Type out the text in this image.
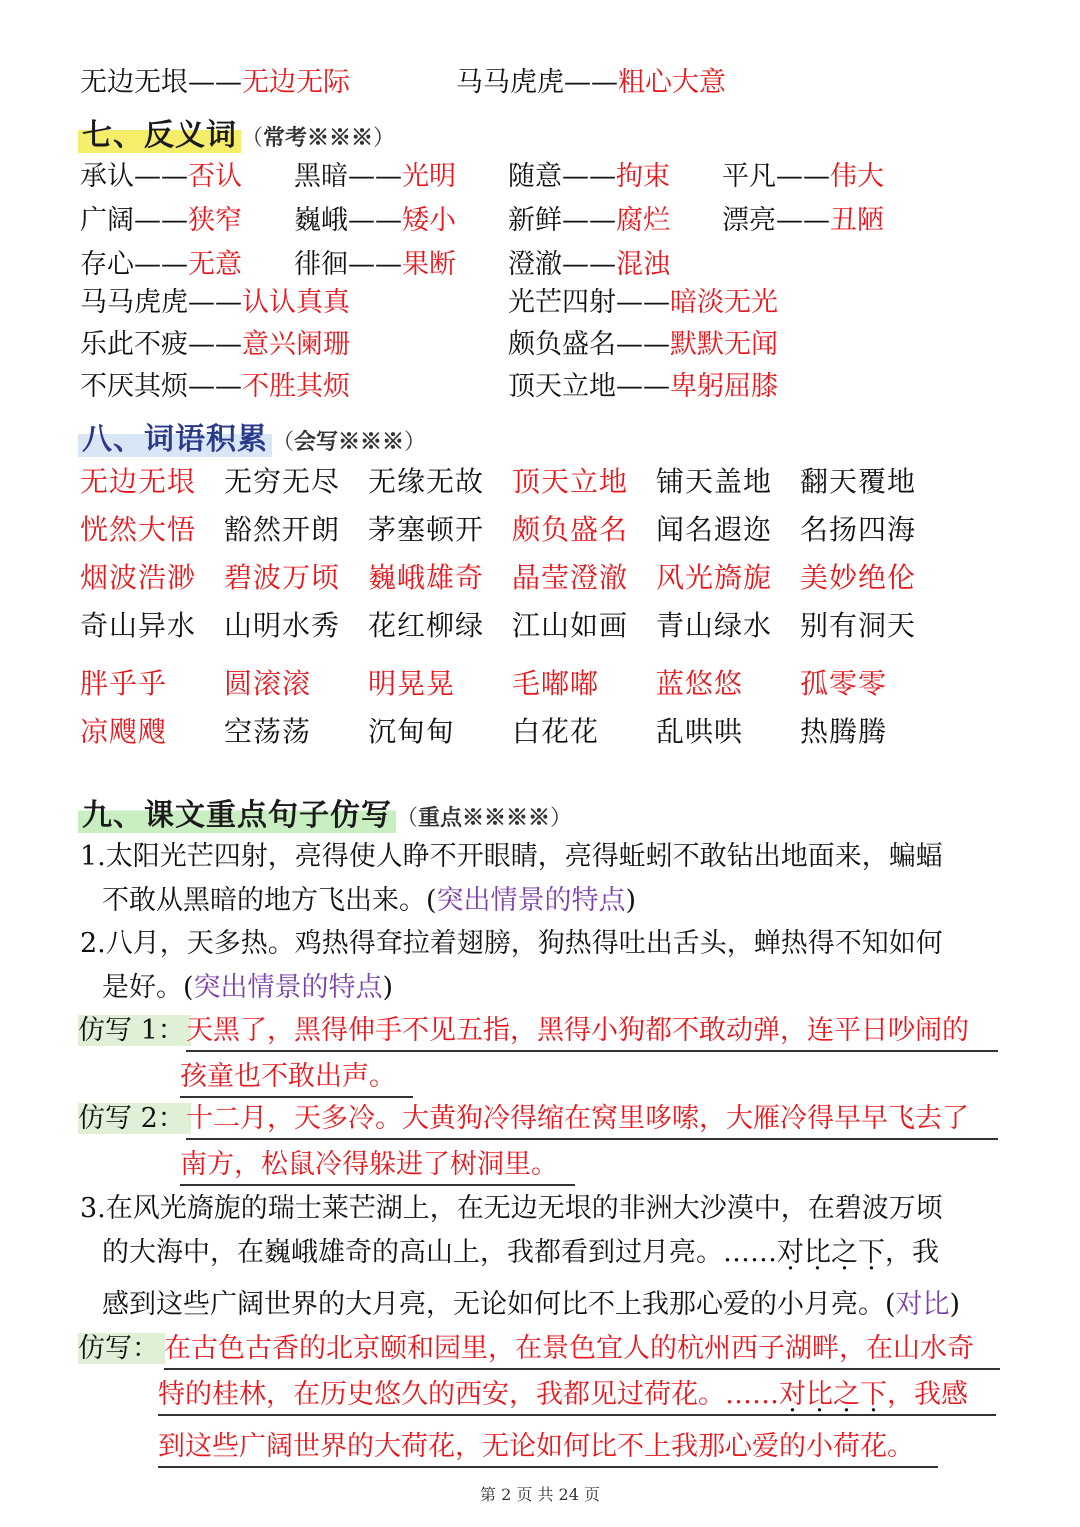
无边无垠——无边无际	马马虎虎——粗心大意
七、反义词 （常考※※※）
承认——否认 黑暗——光明 随意——拘束 平凡——伟大
广阔——狭窄 巍峨——矮小 新鲜——腐烂 漂亮——丑陋
存心——无意 徘徊——果断 澄澈——混浊
马马虎虎——认认真真	光芒四射——暗淡无光
乐此不疲——意兴阑珊	颇负盛名——默默无闻
不厌其烦——不胜其烦	顶天立地——卑躬屈膝
八、词语积累 （会写※※※）
无边无垠 无穷无尽 无缘无故 顶天立地 铺天盖地 翻天覆地
恍然大悟 豁然开朗 茅塞顿开 颇负盛名 闻名遐迩 名扬四海
烟波浩渺 碧波万顷 巍峨雄奇 晶莹澄澈 风光旖旎 美妙绝伦
奇山异水 山明水秀 花红柳绿 江山如画 青山绿水 别有洞天
胖乎乎 圆滚滚 明晃晃 毛嘟嘟 蓝悠悠 孤零零
凉飕飕 空荡荡 沉甸甸 白花花 乱哄哄 热腾腾
九、课文重点句子仿写 （重点※※※※）
1.太阳光芒四射，亮得使人睁不开眼睛，亮得蚯蚓不敢钻出地面来，蝙蝠
不敢从黑暗的地方飞出来。(突出情景的特点)
2.八月，天多热。鸡热得耷拉着翅膀，狗热得吐出舌头，蝉热得不知如何
是好。(突出情景的特点)
仿写 1： 天黑了，黑得伸手不见五指，黑得小狗都不敢动弹，连平日吵闹的
孩童也不敢出声。
仿写 2： 十二月，天多冷。大黄狗冷得缩在窝里哆嗦，大雁冷得早早飞去了
南方，松鼠冷得躲进了树洞里。
3.在风光旖旎的瑞士莱芒湖上，在无边无垠的非洲大沙漠中，在碧波万顷
的大海中，在巍峨雄奇的高山上，我都看到过月亮。……对比之下，我
感到这些广阔世界的大月亮，无论如何比不上我那心爱的小月亮。(对比)
仿写： 在古色古香的北京颐和园里，在景色宜人的杭州西子湖畔，在山水奇
特的桂林，在历史悠久的西安，我都见过荷花。……对比之下，我感
到这些广阔世界的大荷花，无论如何比不上我那心爱的小荷花。
第 2 页 共 24 页
